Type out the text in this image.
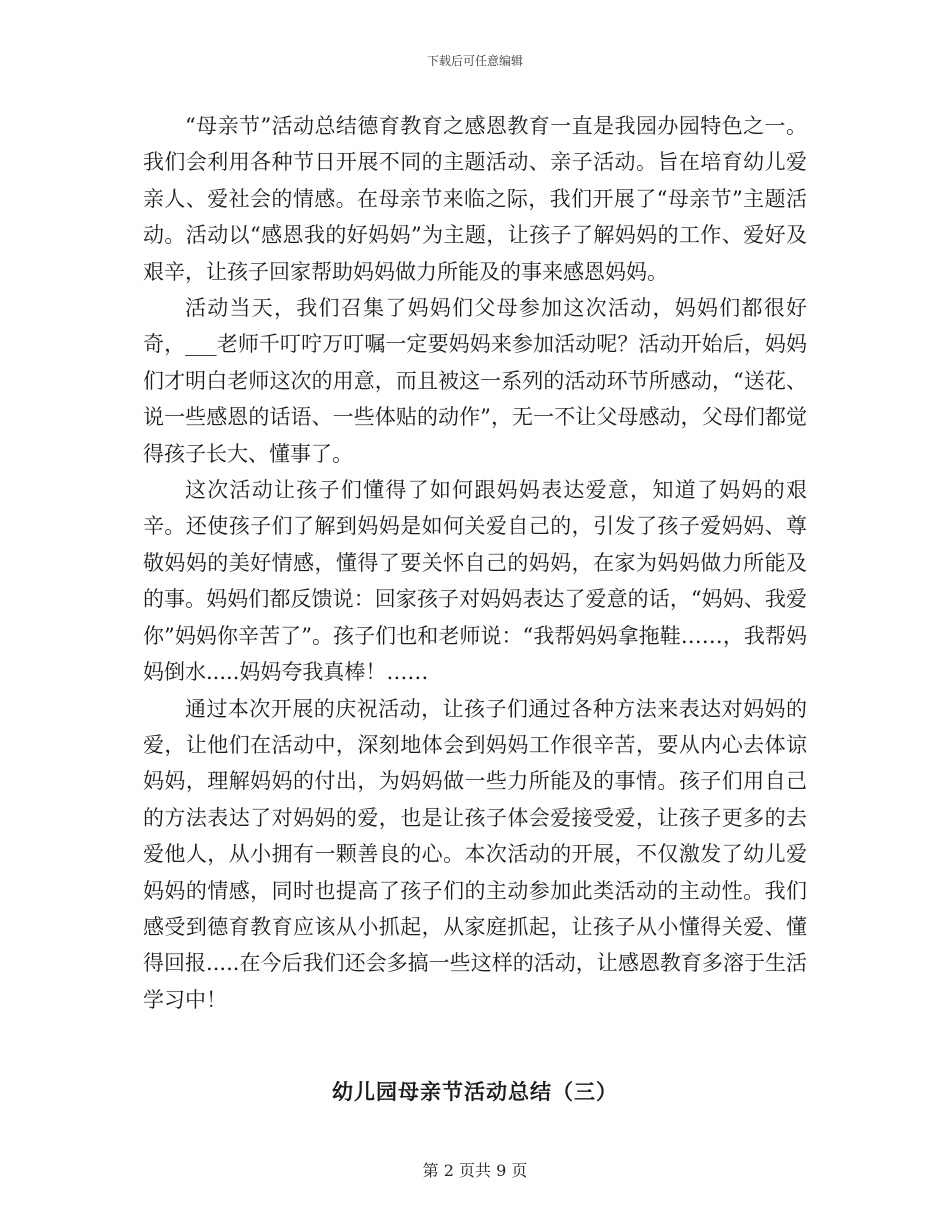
下载后可任意编辑

“母亲节”活动总结德育教育之感恩教育一直是我园办园特色之一。我们会利用各种节日开展不同的主题活动、亲子活动。旨在培育幼儿爱亲人、爱社会的情感。在母亲节来临之际，我们开展了“母亲节”主题活动。活动以“感恩我的好妈妈”为主题，让孩子了解妈妈的工作、爱好及艰辛，让孩子回家帮助妈妈做力所能及的事来感恩妈妈。

活动当天，我们召集了妈妈们父母参加这次活动，妈妈们都很好奇，___老师千叮咛万叮嘱一定要妈妈来参加活动呢？活动开始后，妈妈们才明白老师这次的用意，而且被这一系列的活动环节所感动，“送花、说一些感恩的话语、一些体贴的动作”，无一不让父母感动，父母们都觉得孩子长大、懂事了。

这次活动让孩子们懂得了如何跟妈妈表达爱意，知道了妈妈的艰辛。还使孩子们了解到妈妈是如何关爱自己的，引发了孩子爱妈妈、尊敬妈妈的美好情感，懂得了要关怀自己的妈妈，在家为妈妈做力所能及的事。妈妈们都反馈说：回家孩子对妈妈表达了爱意的话，“妈妈、我爱你”妈妈你辛苦了”。孩子们也和老师说：“我帮妈妈拿拖鞋……，我帮妈妈倒水.....妈妈夸我真棒！……

通过本次开展的庆祝活动，让孩子们通过各种方法来表达对妈妈的爱，让他们在活动中，深刻地体会到妈妈工作很辛苦，要从内心去体谅妈妈，理解妈妈的付出，为妈妈做一些力所能及的事情。孩子们用自己的方法表达了对妈妈的爱，也是让孩子体会爱接受爱，让孩子更多的去爱他人，从小拥有一颗善良的心。本次活动的开展，不仅激发了幼儿爱妈妈的情感，同时也提高了孩子们的主动参加此类活动的主动性。我们感受到德育教育应该从小抓起，从家庭抓起，让孩子从小懂得关爱、懂得回报.....在今后我们还会多搞一些这样的活动，让感恩教育多溶于生活学习中！

幼儿园母亲节活动总结（三）
第 2 页共 9 页
